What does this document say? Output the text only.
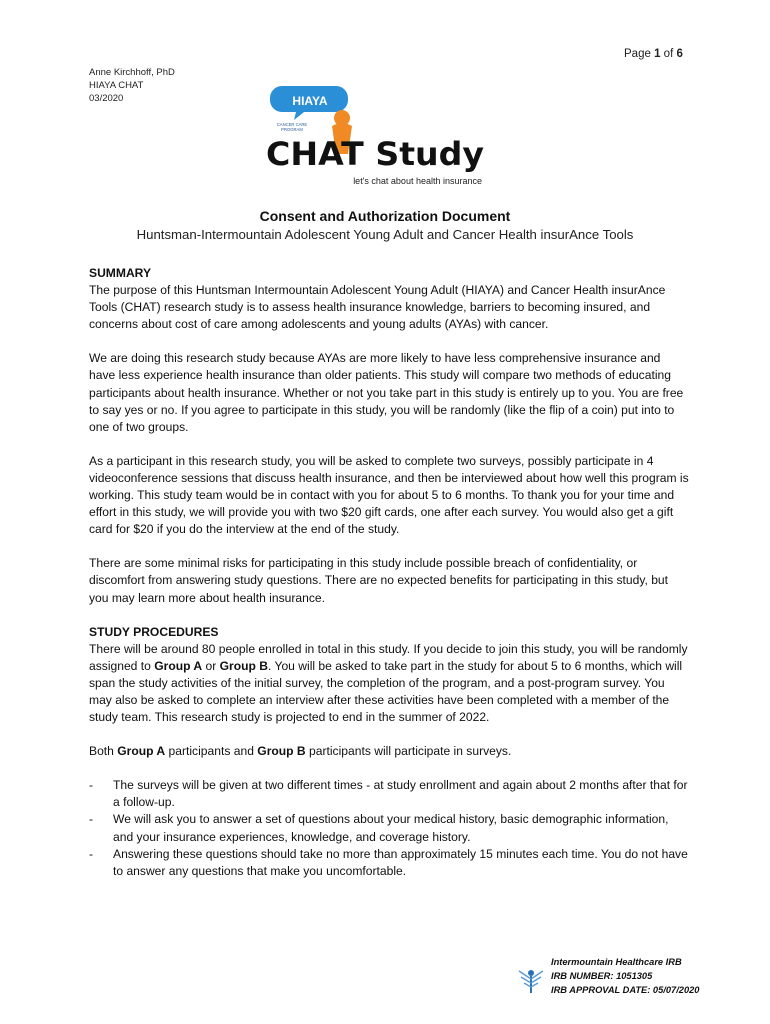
Page 1 of 6
Anne Kirchhoff, PhD
HIAYA CHAT
03/2020	HIAYA
CANCER CARE
PROGRAM
CHAT Study
let's chat about health insurance
Consent and Authorization Document
Huntsman-Intermountain Adolescent Young Adult and Cancer Health insurAnce Tools
SUMMARY

The purpose of this Huntsman Intermountain Adolescent Young Adult (HIAYA) and Cancer Health insurAnce Tools (CHAT) research study is to assess health insurance knowledge, barriers to becoming insured, and concerns about cost of care among adolescents and young adults (AYAs) with cancer.

We are doing this research study because AYAs are more likely to have less comprehensive insurance and have less experience health insurance than older patients. This study will compare two methods of educating participants about health insurance. Whether or not you take part in this study is entirely up to you. You are free to say yes or no. If you agree to participate in this study, you will be randomly (like the flip of a coin) put into to one of two groups.

As a participant in this research study, you will be asked to complete two surveys, possibly participate in 4 videoconference sessions that discuss health insurance, and then be interviewed about how well this program is working. This study team would be in contact with you for about 5 to 6 months. To thank you for your time and effort in this study, we will provide you with two $20 gift cards, one after each survey. You would also get a gift card for $20 if you do the interview at the end of the study.

There are some minimal risks for participating in this study include possible breach of confidentiality, or discomfort from answering study questions. There are no expected benefits for participating in this study, but you may learn more about health insurance.

STUDY PROCEDURES

There will be around 80 people enrolled in total in this study. If you decide to join this study, you will be randomly assigned to Group A or Group B. You will be asked to take part in the study for about 5 to 6 months, which will span the study activities of the initial survey, the completion of the program, and a post-program survey. You may also be asked to complete an interview after these activities have been completed with a member of the study team. This research study is projected to end in the summer of 2022.

Both Group A participants and Group B participants will participate in surveys.

- The surveys will be given at two different times - at study enrollment and again about 2 months after that for a follow-up.
- We will ask you to answer a set of questions about your medical history, basic demographic information, and your insurance experiences, knowledge, and coverage history.
- Answering these questions should take no more than approximately 15 minutes each time. You do not have to answer any questions that make you uncomfortable.
Intermountain Healthcare IRB
IRB NUMBER: 1051305
IRB APPROVAL DATE: 05/07/2020
